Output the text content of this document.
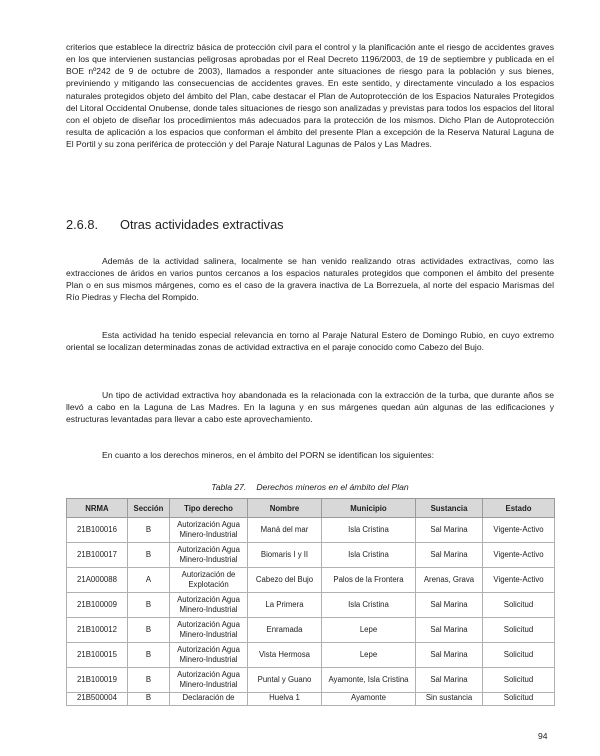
criterios que establece la directriz básica de protección civil para el control y la planificación ante el riesgo de accidentes graves en los que intervienen sustancias peligrosas aprobadas por el Real Decreto 1196/2003, de 19 de septiembre y publicada en el BOE nº242 de 9 de octubre de 2003), llamados a responder ante situaciones de riesgo para la población y sus bienes, previniendo y mitigando las consecuencias de accidentes graves. En este sentido, y directamente vinculado a los espacios naturales protegidos objeto del ámbito del Plan, cabe destacar el Plan de Autoprotección de los Espacios Naturales Protegidos del Litoral Occidental Onubense, donde tales situaciones de riesgo son analizadas y previstas para todos los espacios del litoral con el objeto de diseñar los procedimientos más adecuados para la protección de los mismos. Dicho Plan de Autoprotección resulta de aplicación a los espacios que conforman el ámbito del presente Plan a excepción de la Reserva Natural Laguna de El Portil y su zona periférica de protección y del Paraje Natural Lagunas de Palos y Las Madres.

2.6.8. Otras actividades extractivas

Además de la actividad salinera, localmente se han venido realizando otras actividades extractivas, como las extracciones de áridos en varios puntos cercanos a los espacios naturales protegidos que componen el ámbito del presente Plan o en sus mismos márgenes, como es el caso de la gravera inactiva de La Borrezuela, al norte del espacio Marismas del Río Piedras y Flecha del Rompido.

Esta actividad ha tenido especial relevancia en torno al Paraje Natural Estero de Domingo Rubio, en cuyo extremo oriental se localizan determinadas zonas de actividad extractiva en el paraje conocido como Cabezo del Bujo.

Un tipo de actividad extractiva hoy abandonada es la relacionada con la extracción de la turba, que durante años se llevó a cabo en la Laguna de Las Madres. En la laguna y en sus márgenes quedan aún algunas de las edificaciones y estructuras levantadas para llevar a cabo este aprovechamiento.

En cuanto a los derechos mineros, en el ámbito del PORN se identifican los siguientes:

Tabla 27. Derechos mineros en el ámbito del Plan

NRMA	Sección	Tipo derecho	Nombre	Municipio	Sustancia	Estado
21B100016	B	Autorización Agua Minero-Industrial	Maná del mar	Isla Cristina	Sal Marina	Vigente-Activo
21B100017	B	Autorización Agua Minero-Industrial	Biomaris I y II	Isla Cristina	Sal Marina	Vigente-Activo
21A000088	A	Autorización de Explotación	Cabezo del Bujo	Palos de la Frontera	Arenas, Grava	Vigente-Activo
21B100009	B	Autorización Agua Minero-Industrial	La Primera	Isla Cristina	Sal Marina	Solicitud
21B100012	B	Autorización Agua Minero-Industrial	Enramada	Lepe	Sal Marina	Solicitud
21B100015	B	Autorización Agua Minero-Industrial	Vista Hermosa	Lepe	Sal Marina	Solicitud
21B100019	B	Autorización Agua Minero-Industrial	Puntal y Guano	Ayamonte, Isla Cristina	Sal Marina	Solicitud
21B500004	B	Declaración de	Huelva 1	Ayamonte	Sin sustancia	Solicitud
94
